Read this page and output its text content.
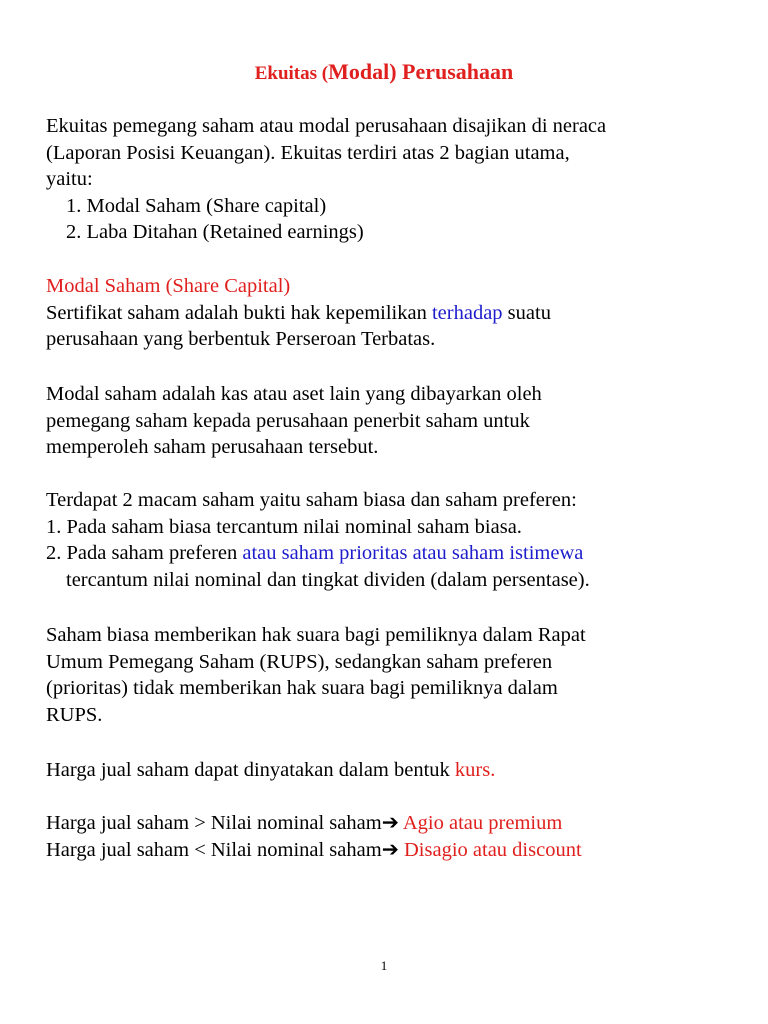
Ekuitas (Modal) Perusahaan
Ekuitas pemegang saham atau modal perusahaan disajikan di neraca
(Laporan Posisi Keuangan). Ekuitas terdiri atas 2 bagian utama,
yaitu:
1. Modal Saham (Share capital)
2. Laba Ditahan (Retained earnings)
Modal Saham (Share Capital)
Sertifikat saham adalah bukti hak kepemilikan terhadap suatu
perusahaan yang berbentuk Perseroan Terbatas.
Modal saham adalah kas atau aset lain yang dibayarkan oleh
pemegang saham kepada perusahaan penerbit saham untuk
memperoleh saham perusahaan tersebut.
Terdapat 2 macam saham yaitu saham biasa dan saham preferen:
1. Pada saham biasa tercantum nilai nominal saham biasa.
2. Pada saham preferen atau saham prioritas atau saham istimewa
tercantum nilai nominal dan tingkat dividen (dalam persentase).
Saham biasa memberikan hak suara bagi pemiliknya dalam Rapat
Umum Pemegang Saham (RUPS), sedangkan saham preferen
(prioritas) tidak memberikan hak suara bagi pemiliknya dalam
RUPS.
Harga jual saham dapat dinyatakan dalam bentuk kurs.
Harga jual saham > Nilai nominal saham➔ Agio atau premium
Harga jual saham < Nilai nominal saham➔ Disagio atau discount
1
